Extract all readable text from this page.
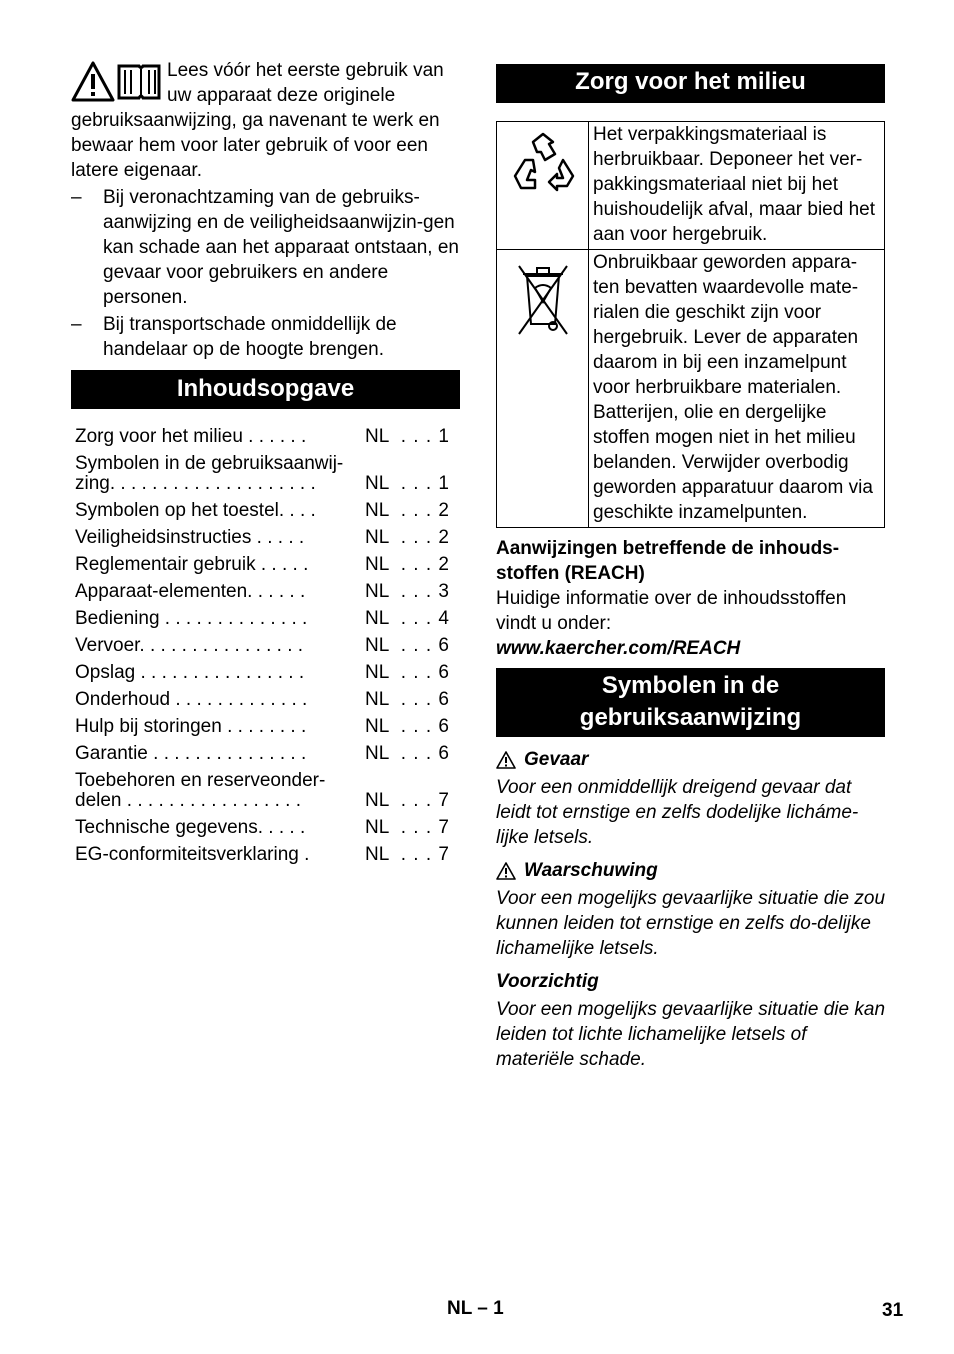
Lees vóór het eerste gebruik van uw apparaat deze originele gebruiksaanwijzing, ga navenant te werk en bewaar hem voor later gebruik of voor een latere eigenaar.
– Bij veronachtzaming van de gebruiks-aanwijzing en de veiligheidsaanwijzin-gen kan schade aan het apparaat ontstaan, en gevaar voor gebruikers en andere personen.
– Bij transportschade onmiddellijk de handelaar op de hoogte brengen.
Inhoudsopgave
Zorg voor het milieu . . . . . .	NL . . . 1
Symbolen in de gebruiksaanwij-
zing. . . . . . . . . . . . . . . . . . . .	NL . . . 1
Symbolen op het toestel. . . .	NL . . . 2
Veiligheidsinstructies . . . . .	NL . . . 2
Reglementair gebruik . . . . .	NL . . . 2
Apparaat-elementen. . . . . .	NL . . . 3
Bediening . . . . . . . . . . . . . .	NL . . . 4
Vervoer. . . . . . . . . . . . . . . .	NL . . . 6
Opslag . . . . . . . . . . . . . . . .	NL . . . 6
Onderhoud . . . . . . . . . . . . .	NL . . . 6
Hulp bij storingen . . . . . . . .	NL . . . 6
Garantie . . . . . . . . . . . . . . .	NL . . . 6
Toebehoren en reserveonder-
delen . . . . . . . . . . . . . . . . .	NL . . . 7
Technische gegevens. . . . .	NL . . . 7
EG-conformiteitsverklaring .	NL . . . 7
Zorg voor het milieu
	Het verpakkingsmateriaal is herbruikbaar. Deponeer het ver-pakkingsmateriaal niet bij het huishoudelijk afval, maar bied het aan voor hergebruik.
	Onbruikbaar geworden appara-ten bevatten waardevolle mate-rialen die geschikt zijn voor hergebruik. Lever de apparaten daarom in bij een inzamelpunt voor herbruikbare materialen. Batterijen, olie en dergelijke stoffen mogen niet in het milieu belanden. Verwijder overbodig geworden apparatuur daarom via geschikte inzamelpunten.
Aanwijzingen betreffende de inhouds-stoffen (REACH)
Huidige informatie over de inhoudsstoffen vindt u onder:
www.kaercher.com/REACH
Symbolen in de gebruiksaanwijzing
Gevaar
Voor een onmiddellijk dreigend gevaar dat leidt tot ernstige en zelfs dodelijke licháme-lijke letsels.
Waarschuwing
Voor een mogelijks gevaarlijke situatie die zou kunnen leiden tot ernstige en zelfs do-delijke lichamelijke letsels.
Voorzichtig
Voor een mogelijks gevaarlijke situatie die kan leiden tot lichte lichamelijke letsels of materiële schade.
NL – 1	31
